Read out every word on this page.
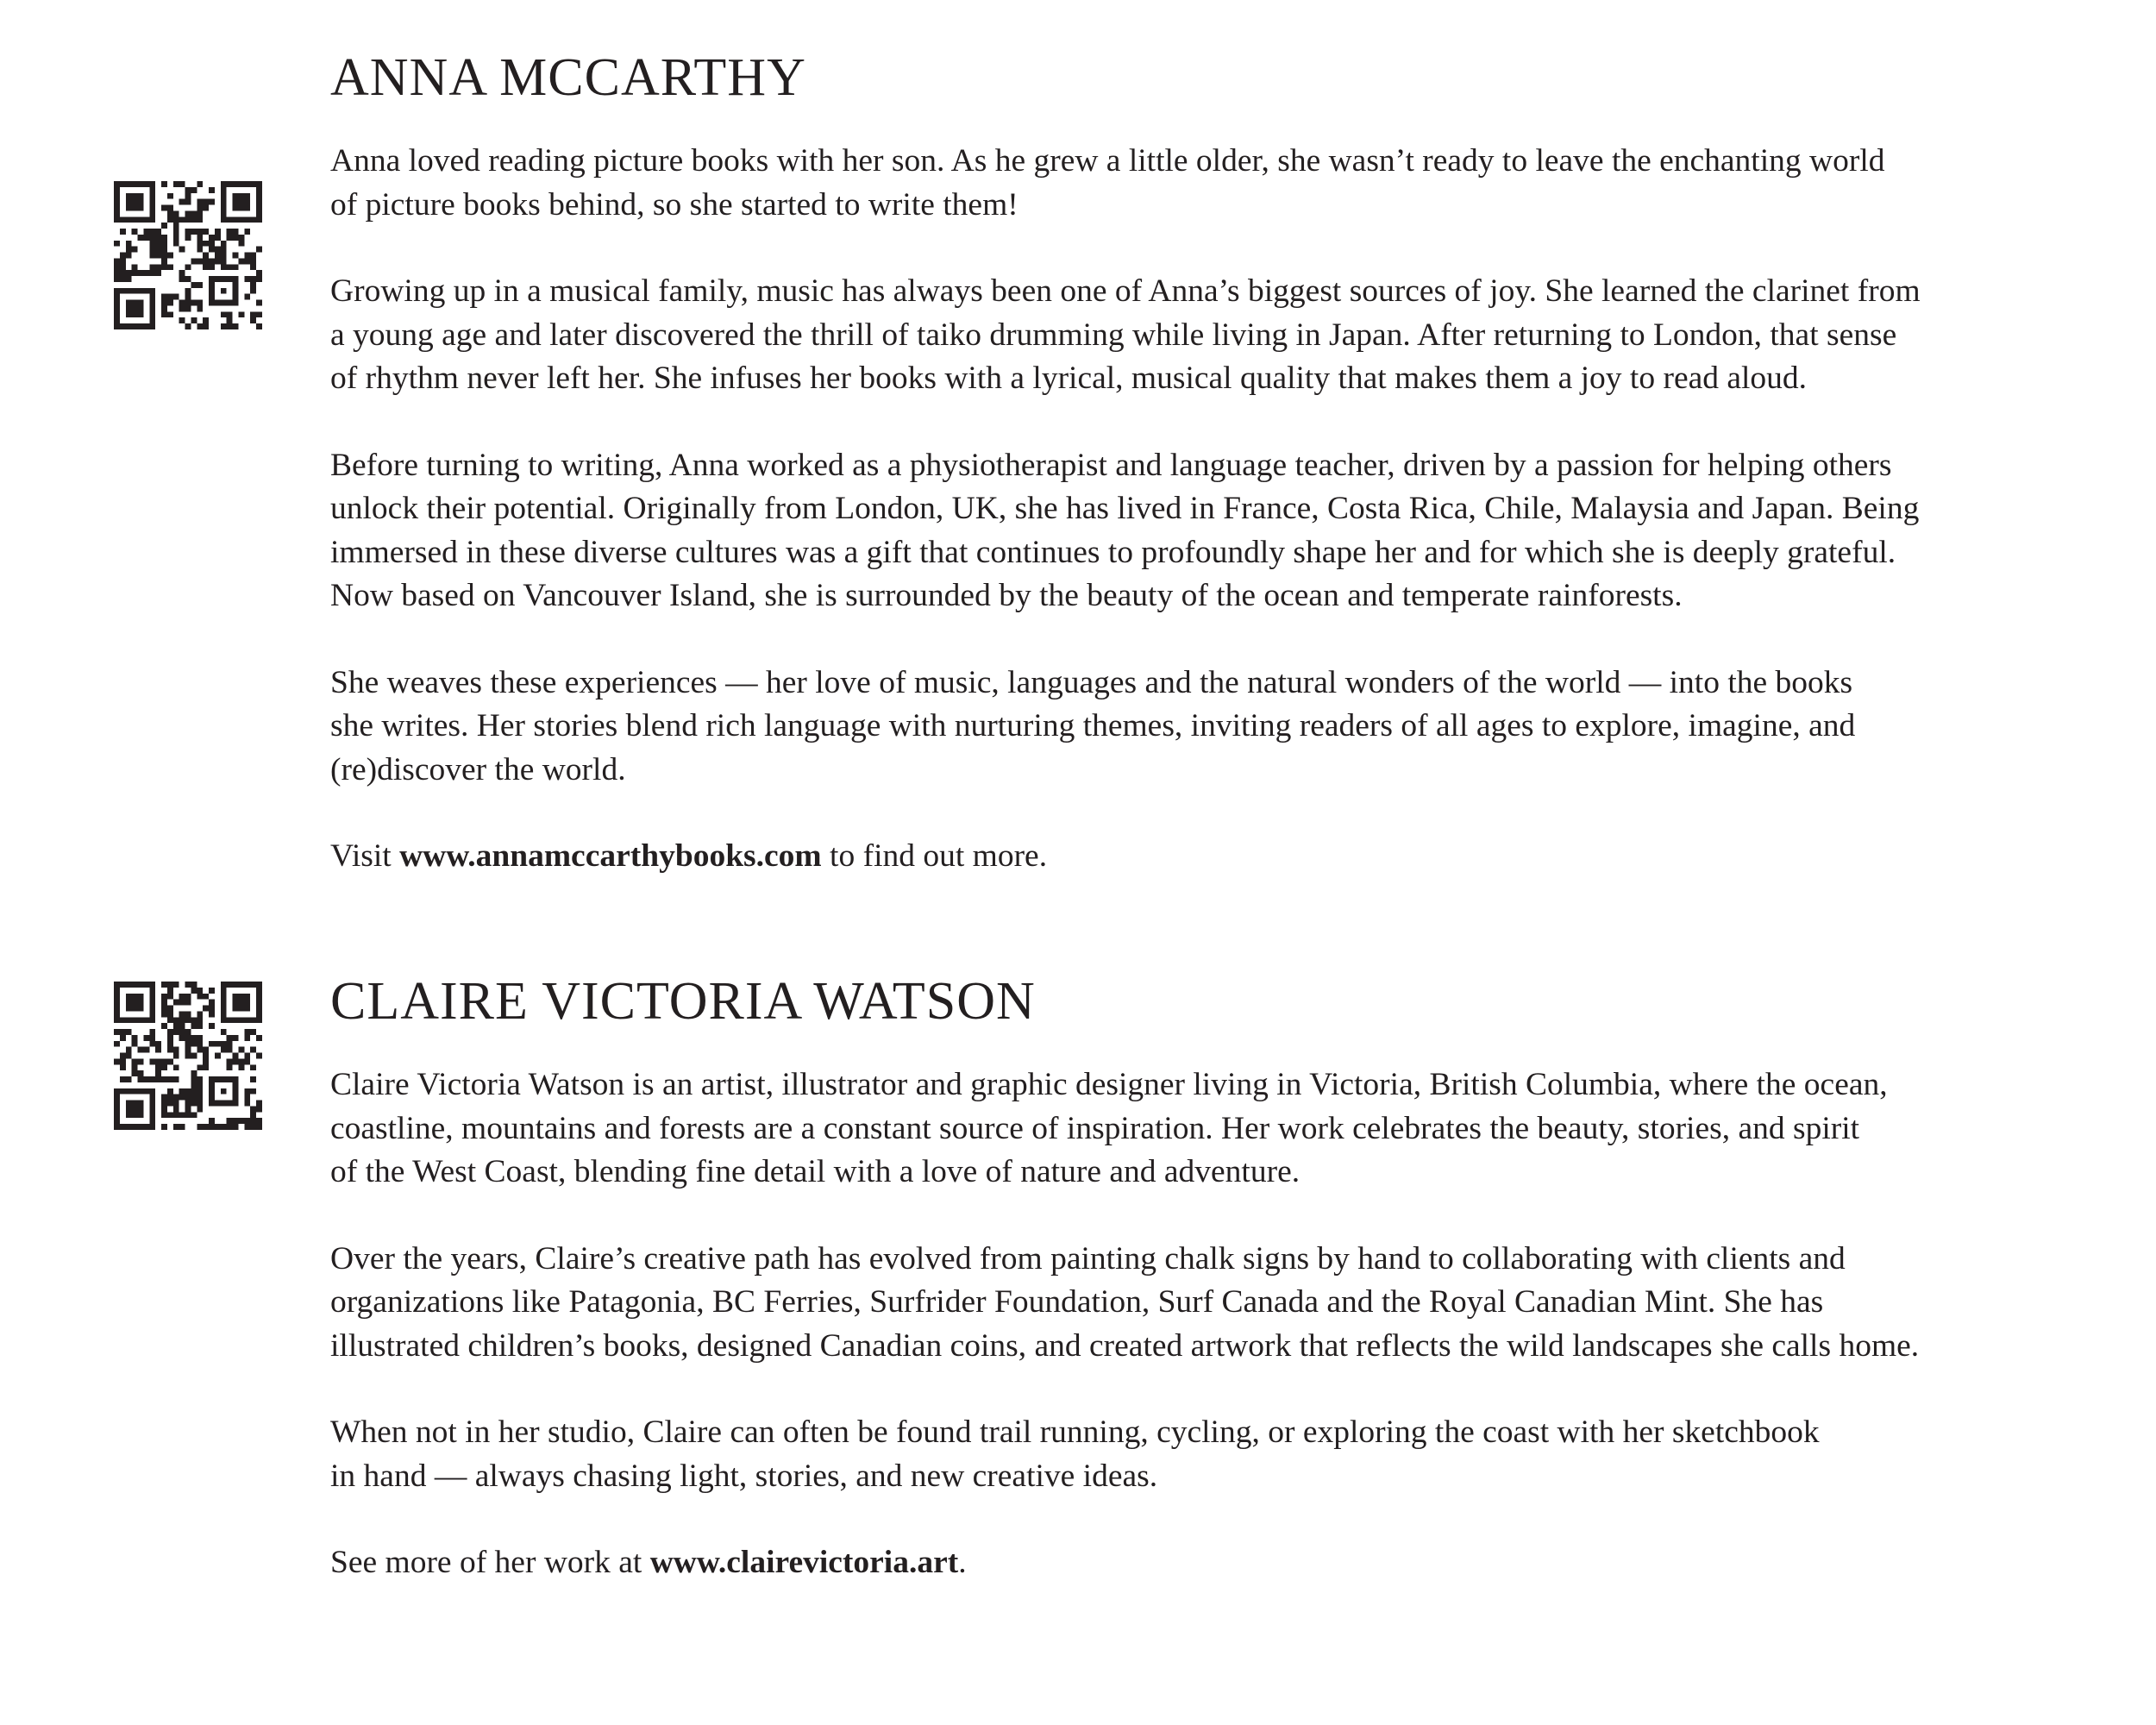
ANNA MCCARTHY

Anna loved reading picture books with her son. As he grew a little older, she wasn’t ready to leave the enchanting world
of picture books behind, so she started to write them!

Growing up in a musical family, music has always been one of Anna’s biggest sources of joy. She learned the clarinet from
a young age and later discovered the thrill of taiko drumming while living in Japan. After returning to London, that sense
of rhythm never left her. She infuses her books with a lyrical, musical quality that makes them a joy to read aloud.

Before turning to writing, Anna worked as a physiotherapist and language teacher, driven by a passion for helping others
unlock their potential. Originally from London, UK, she has lived in France, Costa Rica, Chile, Malaysia and Japan. Being
immersed in these diverse cultures was a gift that continues to profoundly shape her and for which she is deeply grateful.
Now based on Vancouver Island, she is surrounded by the beauty of the ocean and temperate rainforests.

She weaves these experiences — her love of music, languages and the natural wonders of the world — into the books
she writes. Her stories blend rich language with nurturing themes, inviting readers of all ages to explore, imagine, and
(re)discover the world.

Visit www.annamccarthybooks.com to find out more.

CLAIRE VICTORIA WATSON

Claire Victoria Watson is an artist, illustrator and graphic designer living in Victoria, British Columbia, where the ocean,
coastline, mountains and forests are a constant source of inspiration. Her work celebrates the beauty, stories, and spirit
of the West Coast, blending fine detail with a love of nature and adventure.

Over the years, Claire’s creative path has evolved from painting chalk signs by hand to collaborating with clients and
organizations like Patagonia, BC Ferries, Surfrider Foundation, Surf Canada and the Royal Canadian Mint. She has
illustrated children’s books, designed Canadian coins, and created artwork that reflects the wild landscapes she calls home.

When not in her studio, Claire can often be found trail running, cycling, or exploring the coast with her sketchbook
in hand — always chasing light, stories, and new creative ideas.

See more of her work at www.clairevictoria.art.
